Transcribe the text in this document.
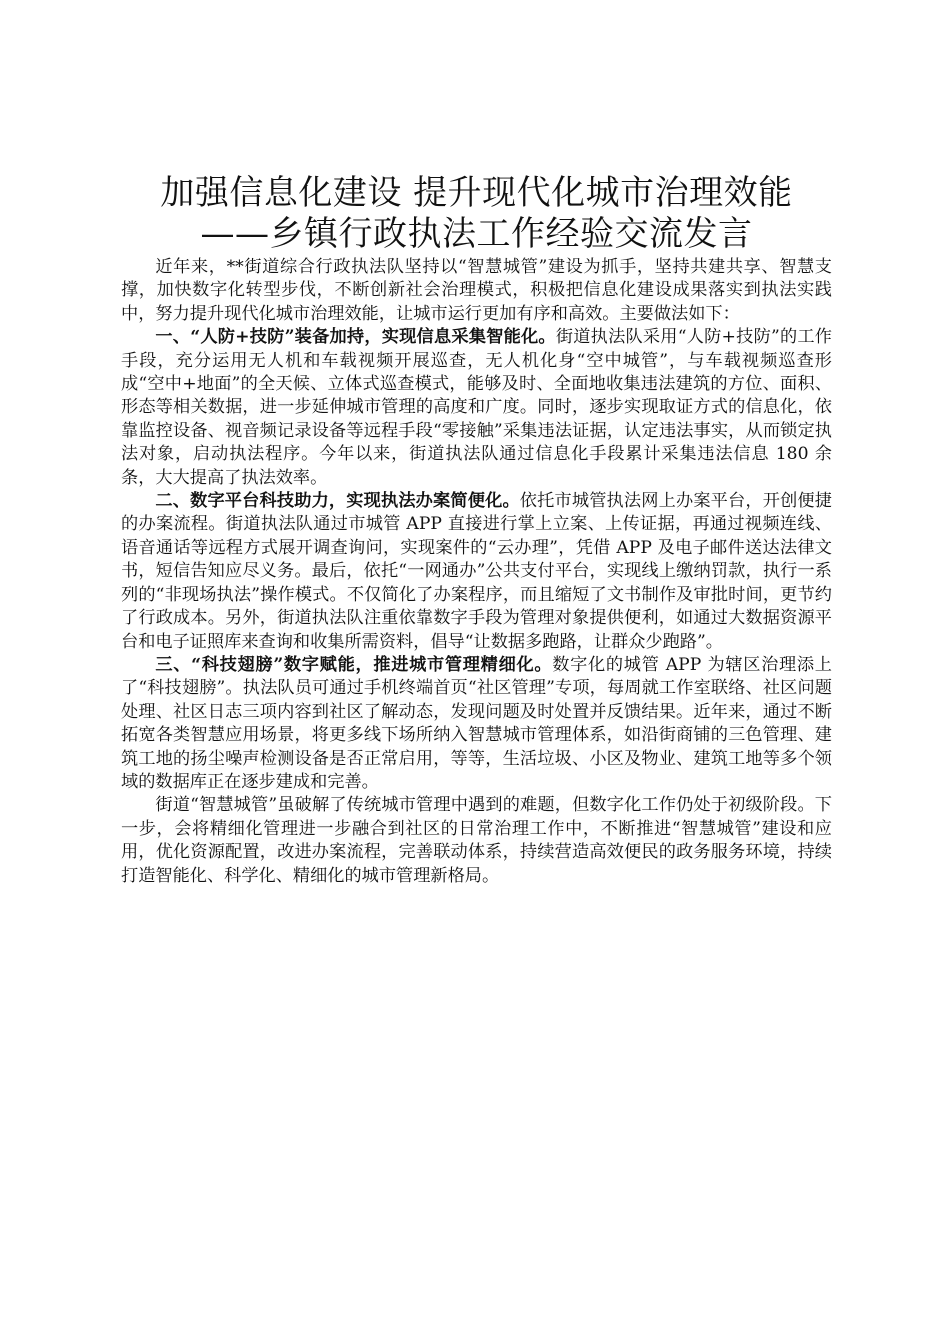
加强信息化建设 提升现代化城市治理效能
——乡镇行政执法工作经验交流发言

近年来，**街道综合行政执法队坚持以“智慧城管”建设为抓手，坚持共建共享、智慧支撑，加快数字化转型步伐，不断创新社会治理模式，积极把信息化建设成果落实到执法实践中，努力提升现代化城市治理效能，让城市运行更加有序和高效。主要做法如下：

一、“人防+技防”装备加持，实现信息采集智能化。街道执法队采用“人防+技防”的工作手段，充分运用无人机和车载视频开展巡查，无人机化身“空中城管”，与车载视频巡查形成“空中+地面”的全天候、立体式巡查模式，能够及时、全面地收集违法建筑的方位、面积、形态等相关数据，进一步延伸城市管理的高度和广度。同时，逐步实现取证方式的信息化，依靠监控设备、视音频记录设备等远程手段“零接触”采集违法证据，认定违法事实，从而锁定执法对象，启动执法程序。今年以来，街道执法队通过信息化手段累计采集违法信息 180 余条，大大提高了执法效率。

二、数字平台科技助力，实现执法办案简便化。依托市城管执法网上办案平台，开创便捷的办案流程。街道执法队通过市城管 APP 直接进行掌上立案、上传证据，再通过视频连线、语音通话等远程方式展开调查询问，实现案件的“云办理”，凭借 APP 及电子邮件送达法律文书，短信告知应尽义务。最后，依托“一网通办”公共支付平台，实现线上缴纳罚款，执行一系列的“非现场执法”操作模式。不仅简化了办案程序，而且缩短了文书制作及审批时间，更节约了行政成本。另外，街道执法队注重依靠数字手段为管理对象提供便利，如通过大数据资源平台和电子证照库来查询和收集所需资料，倡导“让数据多跑路，让群众少跑路”。

三、“科技翅膀”数字赋能，推进城市管理精细化。数字化的城管 APP 为辖区治理添上了“科技翅膀”。执法队员可通过手机终端首页“社区管理”专项，每周就工作室联络、社区问题处理、社区日志三项内容到社区了解动态，发现问题及时处置并反馈结果。近年来，通过不断拓宽各类智慧应用场景，将更多线下场所纳入智慧城市管理体系，如沿街商铺的三色管理、建筑工地的扬尘噪声检测设备是否正常启用，等等，生活垃圾、小区及物业、建筑工地等多个领域的数据库正在逐步建成和完善。

街道“智慧城管”虽破解了传统城市管理中遇到的难题，但数字化工作仍处于初级阶段。下一步，会将精细化管理进一步融合到社区的日常治理工作中，不断推进“智慧城管”建设和应用，优化资源配置，改进办案流程，完善联动体系，持续营造高效便民的政务服务环境，持续打造智能化、科学化、精细化的城市管理新格局。
